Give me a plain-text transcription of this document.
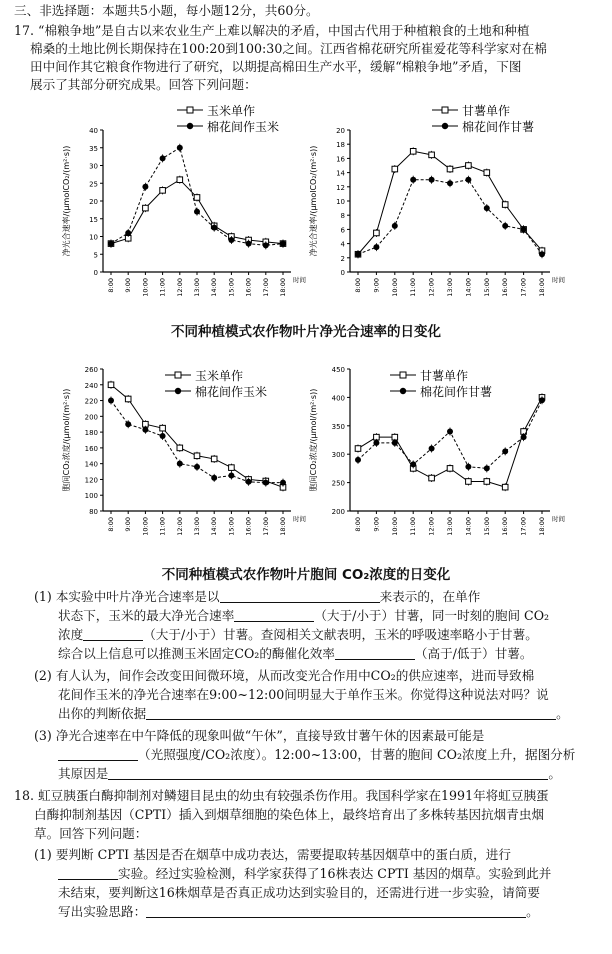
三、非选择题：本题共5小题，每小题12分，共60分。
17. “棉粮争地”是自古以来农业生产上难以解决的矛盾，中国古代用于种植粮食的土地和种植
棉桑的土地比例长期保持在100:20到100:30之间。江西省棉花研究所崔爱花等科学家对在棉
田中间作其它粮食作物进行了研究，以期提高棉田生产水平，缓解“棉粮争地”矛盾，下图
展示了其部分研究成果。回答下列问题：
0
5
10
15
20
25
30
35
40
8:00 9:00 10:00 11:00 12:00 13:00 14:00 15:00 16:00 17:00 18:00 时间
净光合速率/(μmolCO₂/(m²·s))
玉米单作
棉花间作玉米
0
2
4
6
8
10
12
14
16
18
20
8:00 9:00 10:00 11:00 12:00 13:00 14:00 15:00 16:00 17:00 18:00 时间
净光合速率/(μmolCO₂/(m²·s))
甘薯单作
棉花间作甘薯
不同种植模式农作物叶片净光合速率的日变化
80
100
120
140
160
180
200
220
240
260
8:00 9:00 10:00 11:00 12:00 13:00 14:00 15:00 16:00 17:00 18:00 时间
胞间CO₂浓度/(μmol/(m²·s))
玉米单作
棉花间作玉米
200
250
300
350
400
450
8:00 9:00 10:00 11:00 12:00 13:00 14:00 15:00 16:00 17:00 18:00 时间
胞间CO₂浓度/(μmol/(m²·s))
甘薯单作
棉花间作甘薯
不同种植模式农作物叶片胞间 CO₂浓度的日变化
(1) 本实验中叶片净光合速率是以	来表示的，在单作
状态下，玉米的最大净光合速率	（大于/小于）甘薯，同一时刻的胞间 CO₂
浓度	（大于/小于）甘薯。查阅相关文献表明，玉米的呼吸速率略小于甘薯。
综合以上信息可以推测玉米固定CO₂的酶催化效率	（高于/低于）甘薯。
(2) 有人认为，间作会改变田间微环境，从而改变光合作用中CO₂的供应速率，进而导致棉
花间作玉米的净光合速率在9:00~12:00间明显大于单作玉米。你觉得这种说法对吗？说
出你的判断依据	。
(3) 净光合速率在中午降低的现象叫做“午休”，直接导致甘薯午休的因素最可能是
（光照强度/CO₂浓度）。12:00~13:00，甘薯的胞间 CO₂浓度上升，据图分析
其原因是	。
18. 虹豆胰蛋白酶抑制剂对鳞翅目昆虫的幼虫有较强杀伤作用。我国科学家在1991年将虹豆胰蛋
白酶抑制剂基因（CPTI）插入到烟草细胞的染色体上，最终培育出了多株转基因抗烟青虫烟
草。回答下列问题：
(1) 要判断 CPTI 基因是否在烟草中成功表达，需要提取转基因烟草中的蛋白质，进行
实验。经过实验检测，科学家获得了16株表达 CPTI 基因的烟草。实验到此并
未结束，要判断这16株烟草是否真正成功达到实验目的，还需进行进一步实验，请简要
写出实验思路：	。
